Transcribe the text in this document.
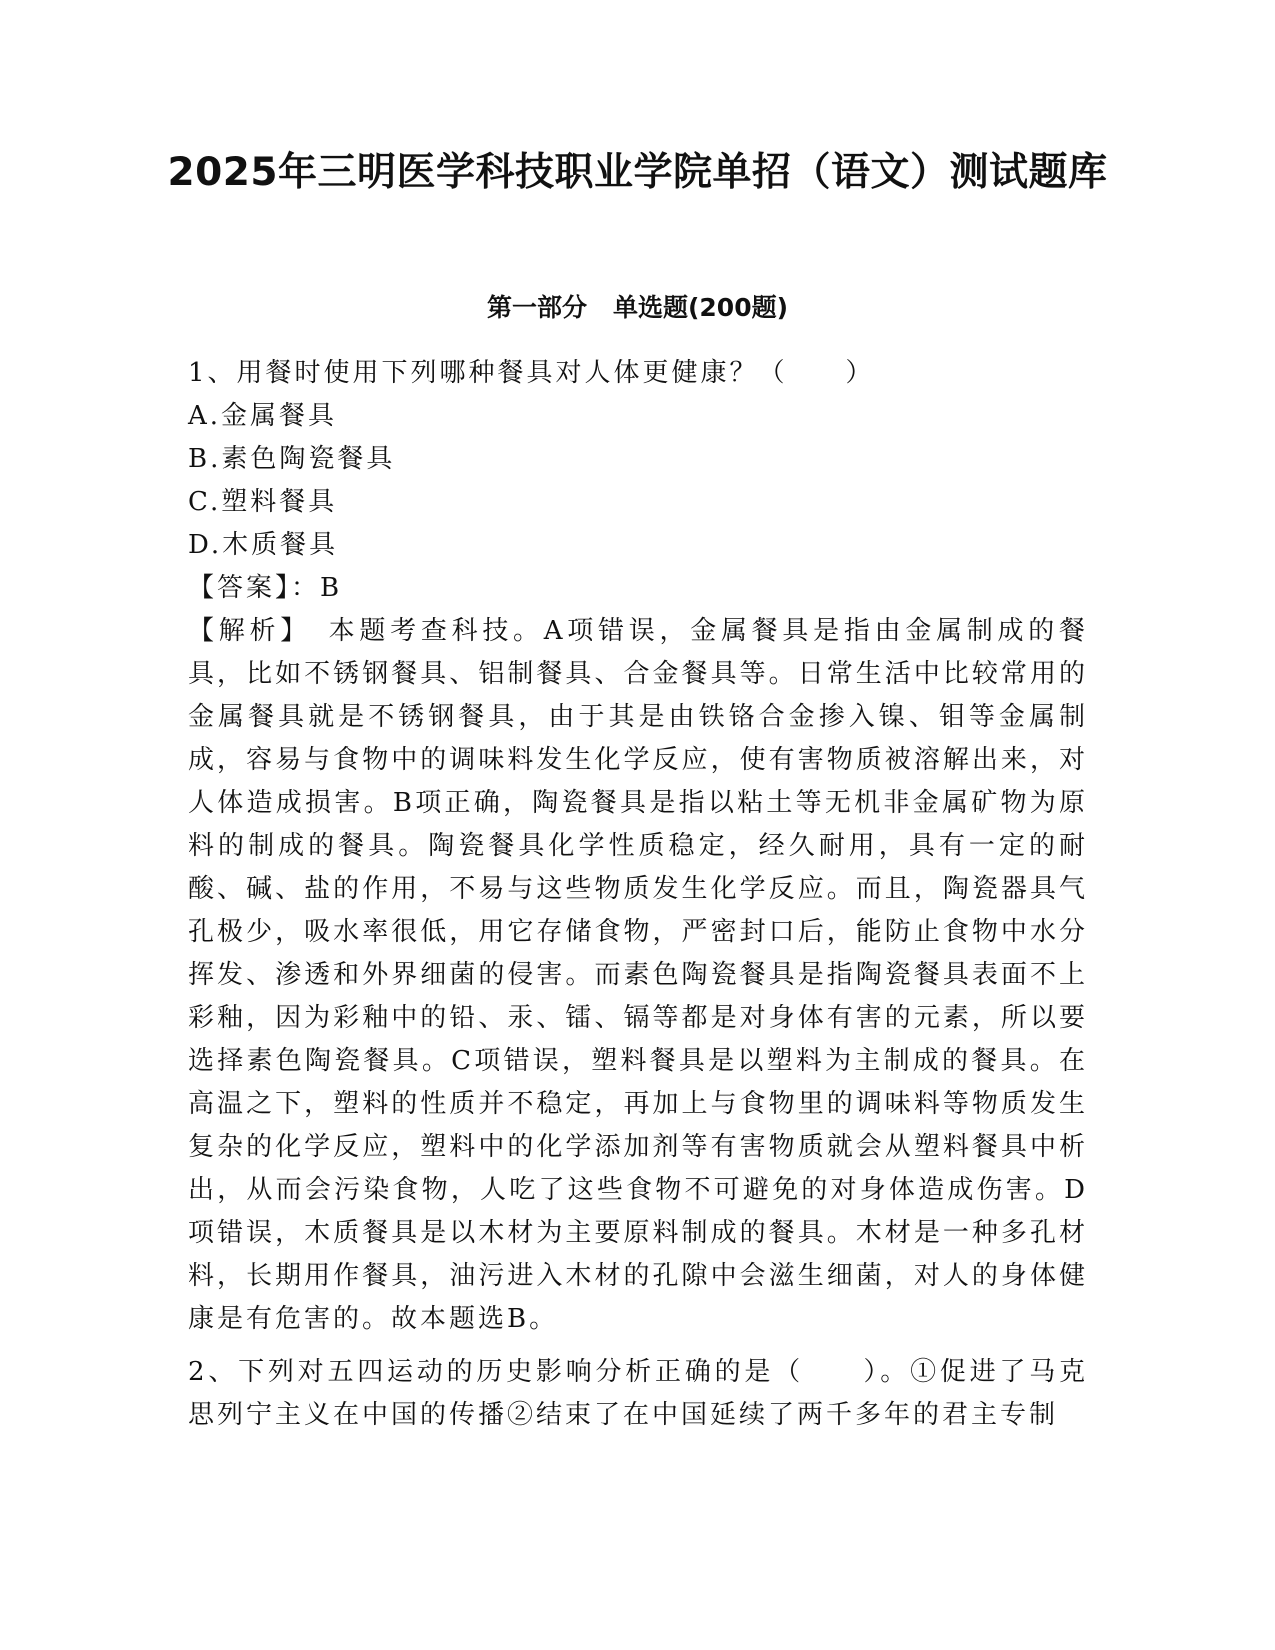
2025年三明医学科技职业学院单招（语文）测试题库
第一部分 单选题(200题)
1、用餐时使用下列哪种餐具对人体更健康？（　　）
A.金属餐具
B.素色陶瓷餐具
C.塑料餐具
D.木质餐具
【答案】：B
【解析】　本题考查科技。A项错误，金属餐具是指由金属制成的餐具，比如不锈钢餐具、铝制餐具、合金餐具等。日常生活中比较常用的金属餐具就是不锈钢餐具，由于其是由铁铬合金掺入镍、钼等金属制成，容易与食物中的调味料发生化学反应，使有害物质被溶解出来，对人体造成损害。B项正确，陶瓷餐具是指以粘土等无机非金属矿物为原料的制成的餐具。陶瓷餐具化学性质稳定，经久耐用，具有一定的耐酸、碱、盐的作用，不易与这些物质发生化学反应。而且，陶瓷器具气孔极少，吸水率很低，用它存储食物，严密封口后，能防止食物中水分挥发、渗透和外界细菌的侵害。而素色陶瓷餐具是指陶瓷餐具表面不上彩釉，因为彩釉中的铅、汞、镭、镉等都是对身体有害的元素，所以要选择素色陶瓷餐具。C项错误，塑料餐具是以塑料为主制成的餐具。在高温之下，塑料的性质并不稳定，再加上与食物里的调味料等物质发生复杂的化学反应，塑料中的化学添加剂等有害物质就会从塑料餐具中析出，从而会污染食物，人吃了这些食物不可避免的对身体造成伤害。D项错误，木质餐具是以木材为主要原料制成的餐具。木材是一种多孔材料，长期用作餐具，油污进入木材的孔隙中会滋生细菌，对人的身体健康是有危害的。故本题选B。
2、下列对五四运动的历史影响分析正确的是（　　）。①促进了马克思列宁主义在中国的传播②结束了在中国延续了两千多年的君主专制
